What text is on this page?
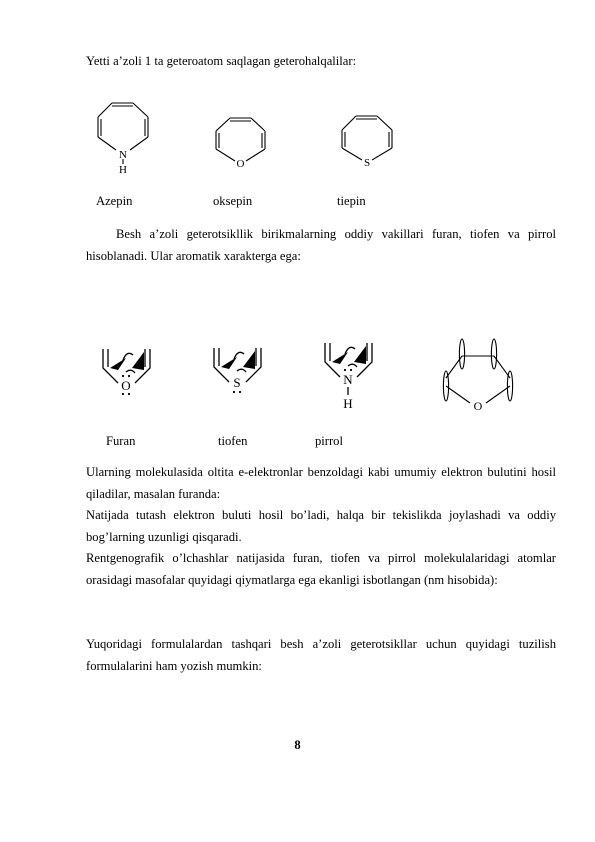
Yetti a’zoli 1 ta geteroatom saqlagan geterohalqalilar:
N
H	O	S
Azepin	oksepin	tiepin
Besh a’zoli geterotsikllik birikmalarning oddiy vakillari furan, tiofen va pirrol hisoblanadi. Ular aromatik xarakterga ega:
O	S	N
H	O
Furan	tiofen	pirrol
Ularning molekulasida oltita e-elektronlar benzoldagi kabi umumiy elektron bulutini hosil qiladilar, masalan furanda:
Natijada tutash elektron buluti hosil bo’ladi, halqa bir tekislikda joylashadi va oddiy bog’larning uzunligi qisqaradi.
Rentgenografik o’lchashlar natijasida furan, tiofen va pirrol molekulalaridagi atomlar orasidagi masofalar quyidagi qiymatlarga ega ekanligi isbotlangan (nm hisobida):
Yuqoridagi formulalardan tashqari besh a’zoli geterotsikllar uchun quyidagi tuzilish formulalarini ham yozish mumkin:
8
